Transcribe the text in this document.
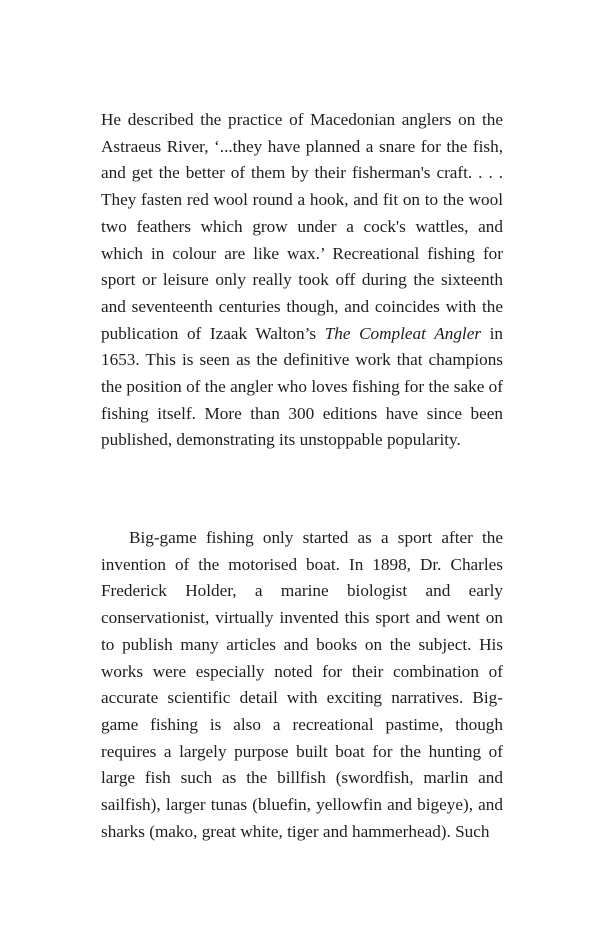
He described the practice of Macedonian anglers on the Astraeus River, ‘...they have planned a snare for the fish, and get the better of them by their fisherman's craft. . . . They fasten red wool round a hook, and fit on to the wool two feathers which grow under a cock's wattles, and which in colour are like wax.’ Recreational fishing for sport or leisure only really took off during the sixteenth and seventeenth centuries though, and coincides with the publication of Izaak Walton’s The Compleat Angler in 1653. This is seen as the definitive work that champions the position of the angler who loves fishing for the sake of fishing itself. More than 300 editions have since been published, demonstrating its unstoppable popularity.

Big-game fishing only started as a sport after the invention of the motorised boat. In 1898, Dr. Charles Frederick Holder, a marine biologist and early conservationist, virtually invented this sport and went on to publish many articles and books on the subject. His works were especially noted for their combination of accurate scientific detail with exciting narratives. Big-game fishing is also a recreational pastime, though requires a largely purpose built boat for the hunting of large fish such as the billfish (swordfish, marlin and sailfish), larger tunas (bluefin, yellowfin and bigeye), and sharks (mako, great white, tiger and hammerhead). Such
